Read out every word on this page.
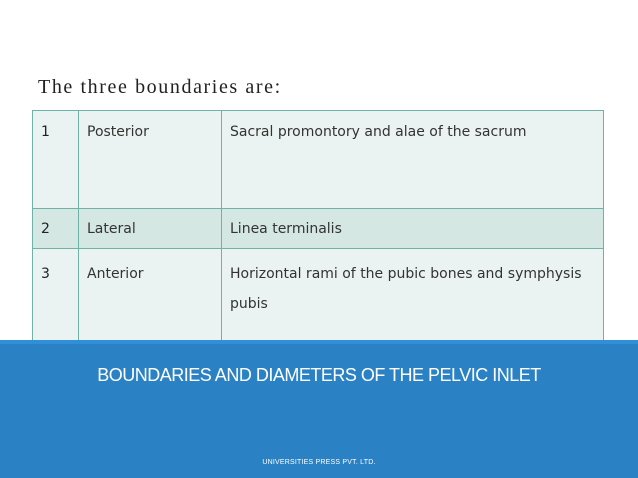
The three boundaries are:
1	Posterior	Sacral promontory and alae of the sacrum
2	Lateral	Linea terminalis
3	Anterior	Horizontal rami of the pubic bones and symphysis pubis
BOUNDARIES AND DIAMETERS OF THE PELVIC INLET
UNIVERSITIES PRESS PVT. LTD.
